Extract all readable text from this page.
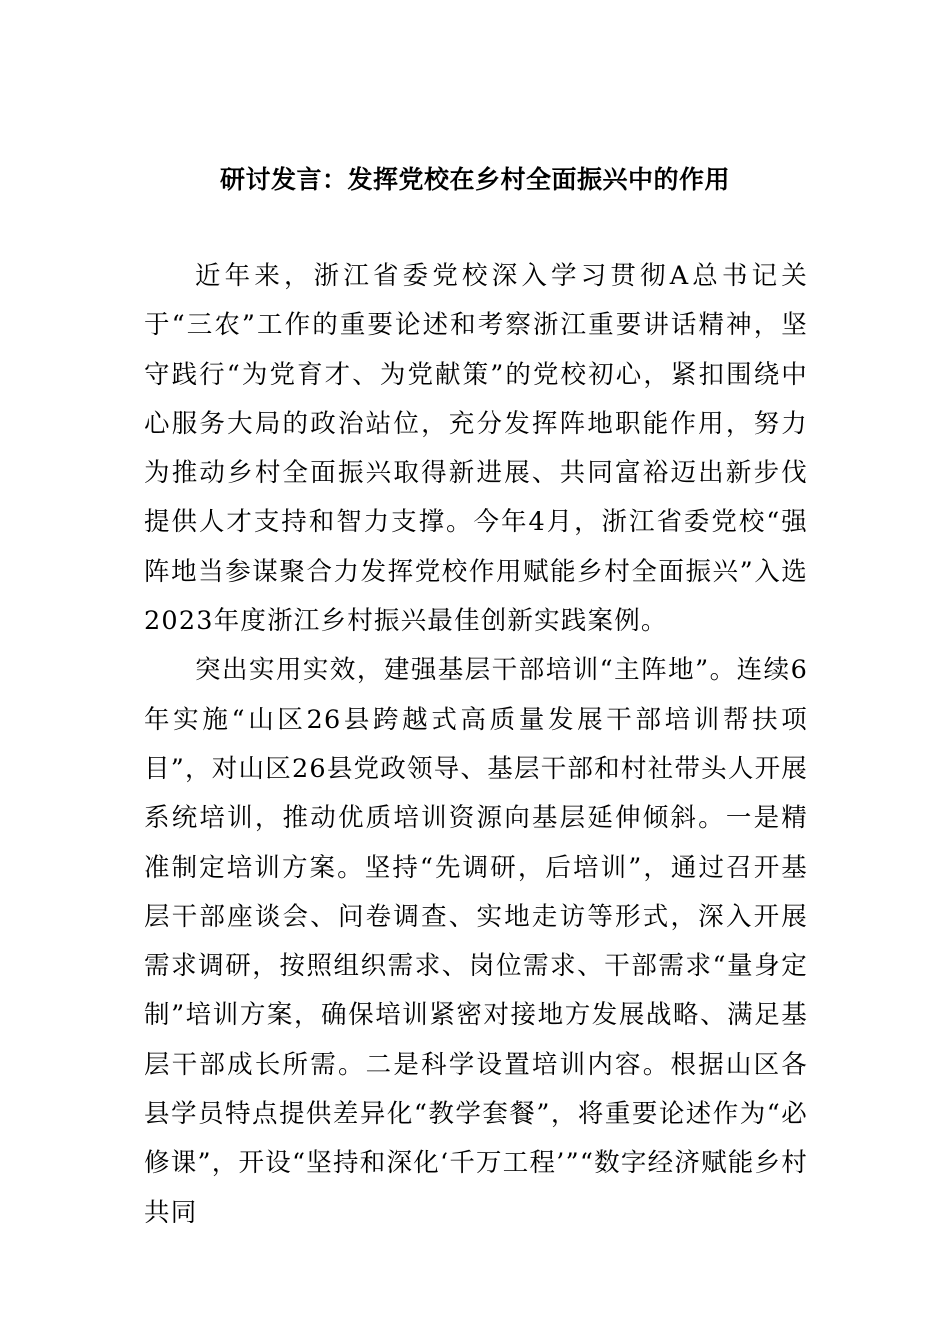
研讨发言：发挥党校在乡村全面振兴中的作用

近年来，浙江省委党校深入学习贯彻A总书记关于“三农”工作的重要论述和考察浙江重要讲话精神，坚守践行“为党育才、为党献策”的党校初心，紧扣围绕中心服务大局的政治站位，充分发挥阵地职能作用，努力为推动乡村全面振兴取得新进展、共同富裕迈出新步伐提供人才支持和智力支撑。今年4月，浙江省委党校“强阵地当参谋聚合力发挥党校作用赋能乡村全面振兴”入选2023年度浙江乡村振兴最佳创新实践案例。

突出实用实效，建强基层干部培训“主阵地”。连续6年实施“山区26县跨越式高质量发展干部培训帮扶项目”，对山区26县党政领导、基层干部和村社带头人开展系统培训，推动优质培训资源向基层延伸倾斜。一是精准制定培训方案。坚持“先调研，后培训”，通过召开基层干部座谈会、问卷调查、实地走访等形式，深入开展需求调研，按照组织需求、岗位需求、干部需求“量身定制”培训方案，确保培训紧密对接地方发展战略、满足基层干部成长所需。二是科学设置培训内容。根据山区各县学员特点提供差异化“教学套餐”，将重要论述作为“必修课”，开设“坚持和深化‘千万工程’”“数字经济赋能乡村共同
